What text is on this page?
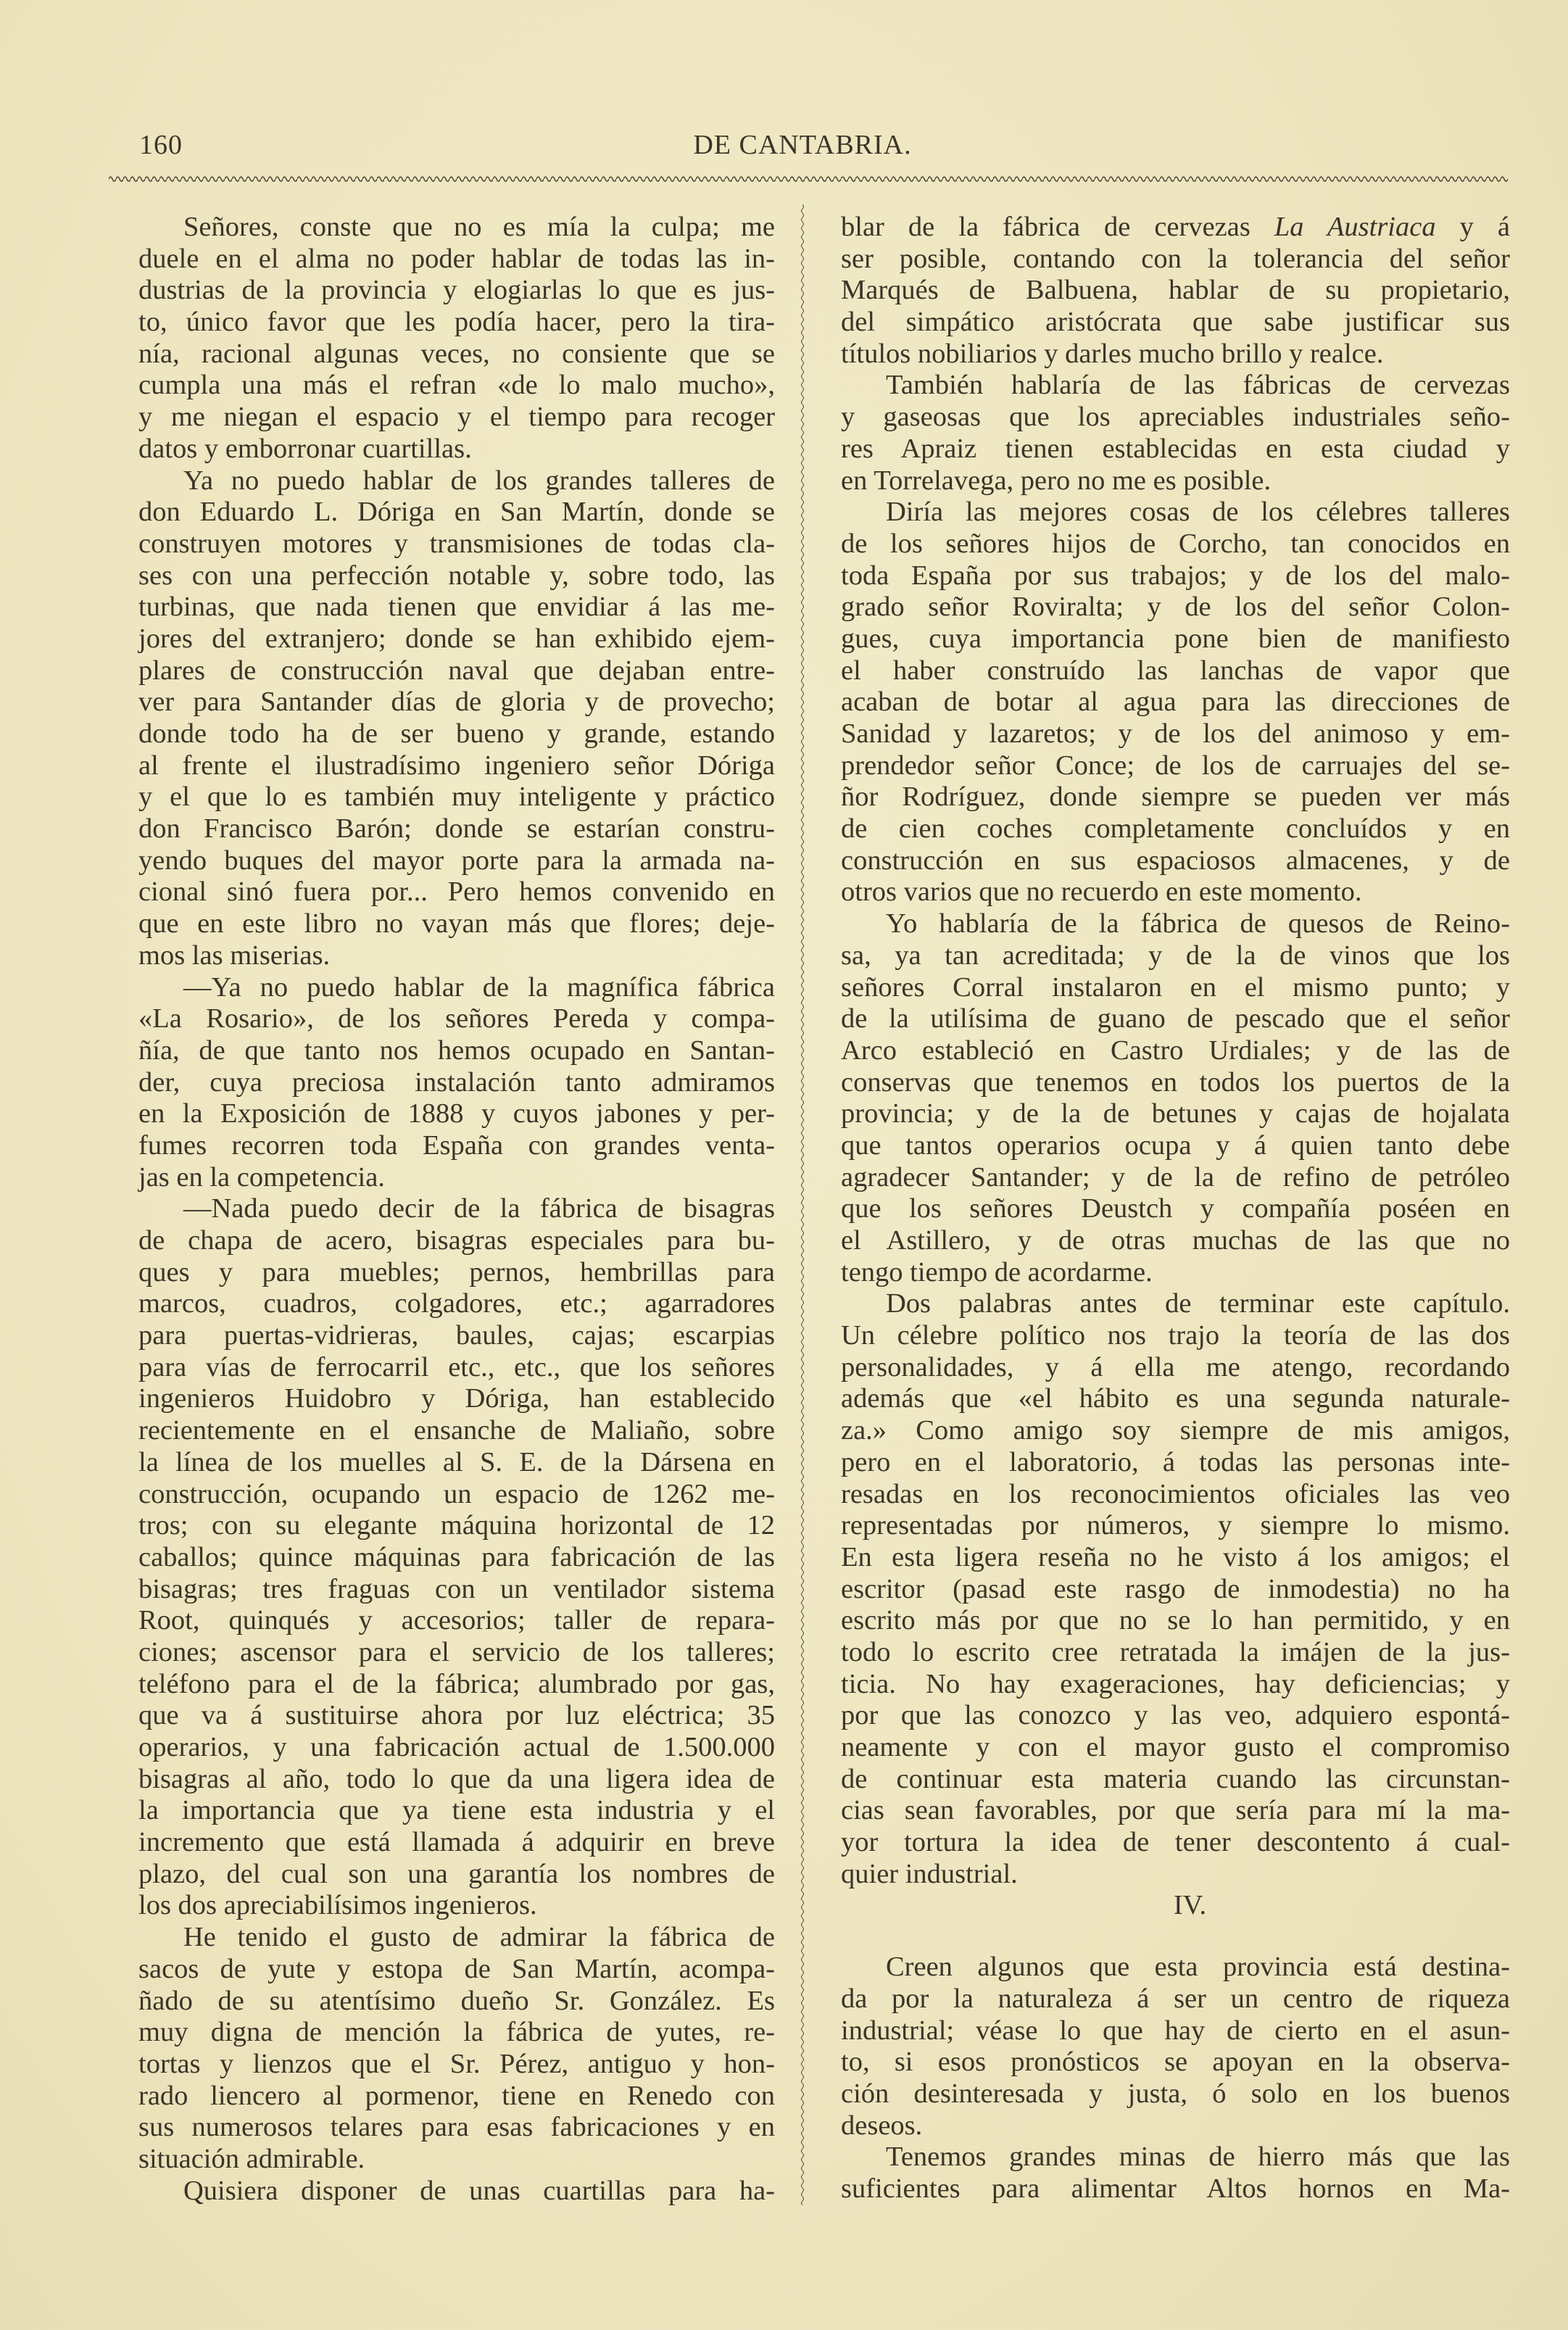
160	DE CANTABRIA.
Señores, conste que no es mía la culpa; me
duele en el alma no poder hablar de todas las in-
dustrias de la provincia y elogiarlas lo que es jus-
to, único favor que les podía hacer, pero la tira-
nía, racional algunas veces, no consiente que se
cumpla una más el refran «de lo malo mucho»,
y me niegan el espacio y el tiempo para recoger
datos y emborronar cuartillas.
Ya no puedo hablar de los grandes talleres de
don Eduardo L. Dóriga en San Martín, donde se
construyen motores y transmisiones de todas cla-
ses con una perfección notable y, sobre todo, las
turbinas, que nada tienen que envidiar á las me-
jores del extranjero; donde se han exhibido ejem-
plares de construcción naval que dejaban entre-
ver para Santander días de gloria y de provecho;
donde todo ha de ser bueno y grande, estando
al frente el ilustradísimo ingeniero señor Dóriga
y el que lo es también muy inteligente y práctico
don Francisco Barón; donde se estarían constru-
yendo buques del mayor porte para la armada na-
cional sinó fuera por... Pero hemos convenido en
que en este libro no vayan más que flores; deje-
mos las miserias.
—Ya no puedo hablar de la magnífica fábrica
«La Rosario», de los señores Pereda y compa-
ñía, de que tanto nos hemos ocupado en Santan-
der, cuya preciosa instalación tanto admiramos
en la Exposición de 1888 y cuyos jabones y per-
fumes recorren toda España con grandes venta-
jas en la competencia.
—Nada puedo decir de la fábrica de bisagras
de chapa de acero, bisagras especiales para bu-
ques y para muebles; pernos, hembrillas para
marcos, cuadros, colgadores, etc.; agarradores
para puertas-vidrieras, baules, cajas; escarpias
para vías de ferrocarril etc., etc., que los señores
ingenieros Huidobro y Dóriga, han establecido
recientemente en el ensanche de Maliaño, sobre
la línea de los muelles al S. E. de la Dársena en
construcción, ocupando un espacio de 1262 me-
tros; con su elegante máquina horizontal de 12
caballos; quince máquinas para fabricación de las
bisagras; tres fraguas con un ventilador sistema
Root, quinqués y accesorios; taller de repara-
ciones; ascensor para el servicio de los talleres;
teléfono para el de la fábrica; alumbrado por gas,
que va á sustituirse ahora por luz eléctrica; 35
operarios, y una fabricación actual de 1.500.000
bisagras al año, todo lo que da una ligera idea de
la importancia que ya tiene esta industria y el
incremento que está llamada á adquirir en breve
plazo, del cual son una garantía los nombres de
los dos apreciabilísimos ingenieros.
He tenido el gusto de admirar la fábrica de
sacos de yute y estopa de San Martín, acompa-
ñado de su atentísimo dueño Sr. González. Es
muy digna de mención la fábrica de yutes, re-
tortas y lienzos que el Sr. Pérez, antiguo y hon-
rado liencero al pormenor, tiene en Renedo con
sus numerosos telares para esas fabricaciones y en
situación admirable.
Quisiera disponer de unas cuartillas para ha-
blar de la fábrica de cervezas La Austriaca y á
ser posible, contando con la tolerancia del señor
Marqués de Balbuena, hablar de su propietario,
del simpático aristócrata que sabe justificar sus
títulos nobiliarios y darles mucho brillo y realce.
También hablaría de las fábricas de cervezas
y gaseosas que los apreciables industriales seño-
res Apraiz tienen establecidas en esta ciudad y
en Torrelavega, pero no me es posible.
Diría las mejores cosas de los célebres talleres
de los señores hijos de Corcho, tan conocidos en
toda España por sus trabajos; y de los del malo-
grado señor Roviralta; y de los del señor Colon-
gues, cuya importancia pone bien de manifiesto
el haber construído las lanchas de vapor que
acaban de botar al agua para las direcciones de
Sanidad y lazaretos; y de los del animoso y em-
prendedor señor Conce; de los de carruajes del se-
ñor Rodríguez, donde siempre se pueden ver más
de cien coches completamente concluídos y en
construcción en sus espaciosos almacenes, y de
otros varios que no recuerdo en este momento.
Yo hablaría de la fábrica de quesos de Reino-
sa, ya tan acreditada; y de la de vinos que los
señores Corral instalaron en el mismo punto; y
de la utilísima de guano de pescado que el señor
Arco estableció en Castro Urdiales; y de las de
conservas que tenemos en todos los puertos de la
provincia; y de la de betunes y cajas de hojalata
que tantos operarios ocupa y á quien tanto debe
agradecer Santander; y de la de refino de petróleo
que los señores Deustch y compañía poséen en
el Astillero, y de otras muchas de las que no
tengo tiempo de acordarme.
Dos palabras antes de terminar este capítulo.
Un célebre político nos trajo la teoría de las dos
personalidades, y á ella me atengo, recordando
además que «el hábito es una segunda naturale-
za.» Como amigo soy siempre de mis amigos,
pero en el laboratorio, á todas las personas inte-
resadas en los reconocimientos oficiales las veo
representadas por números, y siempre lo mismo.
En esta ligera reseña no he visto á los amigos; el
escritor (pasad este rasgo de inmodestia) no ha
escrito más por que no se lo han permitido, y en
todo lo escrito cree retratada la imájen de la jus-
ticia. No hay exageraciones, hay deficiencias; y
por que las conozco y las veo, adquiero espontá-
neamente y con el mayor gusto el compromiso
de continuar esta materia cuando las circunstan-
cias sean favorables, por que sería para mí la ma-
yor tortura la idea de tener descontento á cual-
quier industrial.
IV.
Creen algunos que esta provincia está destina-
da por la naturaleza á ser un centro de riqueza
industrial; véase lo que hay de cierto en el asun-
to, si esos pronósticos se apoyan en la observa-
ción desinteresada y justa, ó solo en los buenos
deseos.
Tenemos grandes minas de hierro más que las
suficientes para alimentar Altos hornos en Ma-
